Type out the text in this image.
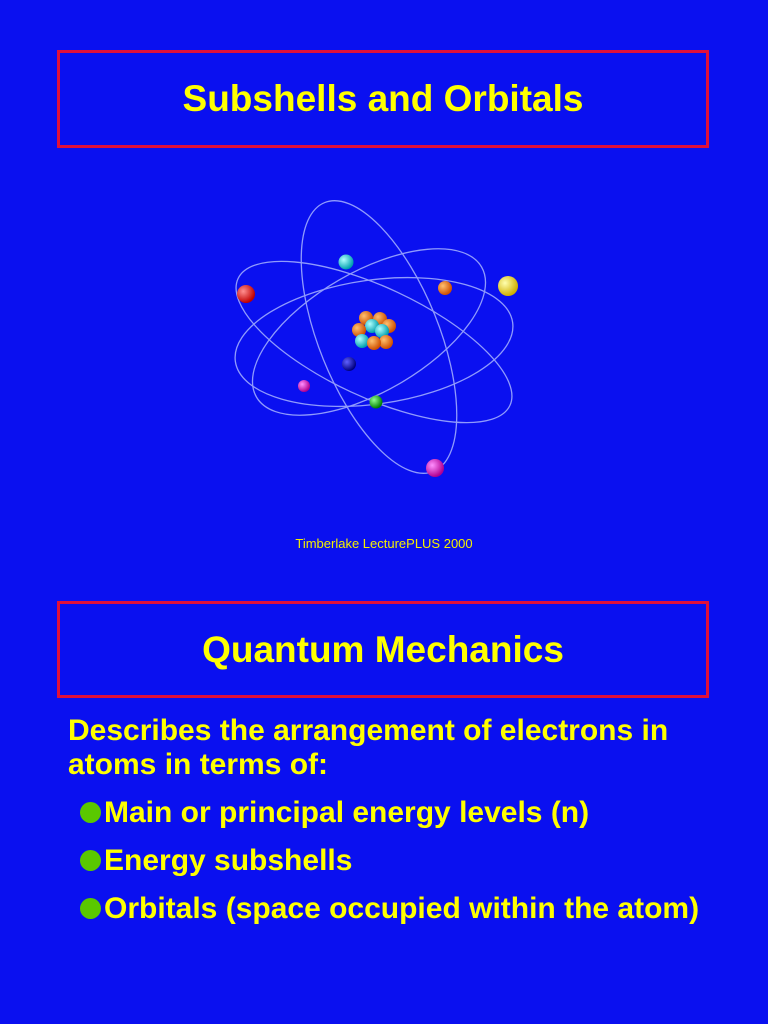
Subshells and Orbitals
Timberlake LecturePLUS 2000
Quantum Mechanics

Describes the arrangement of electrons in atoms in terms of:

Main or principal energy levels (n)
Energy subshells
Orbitals (space occupied within the atom)
